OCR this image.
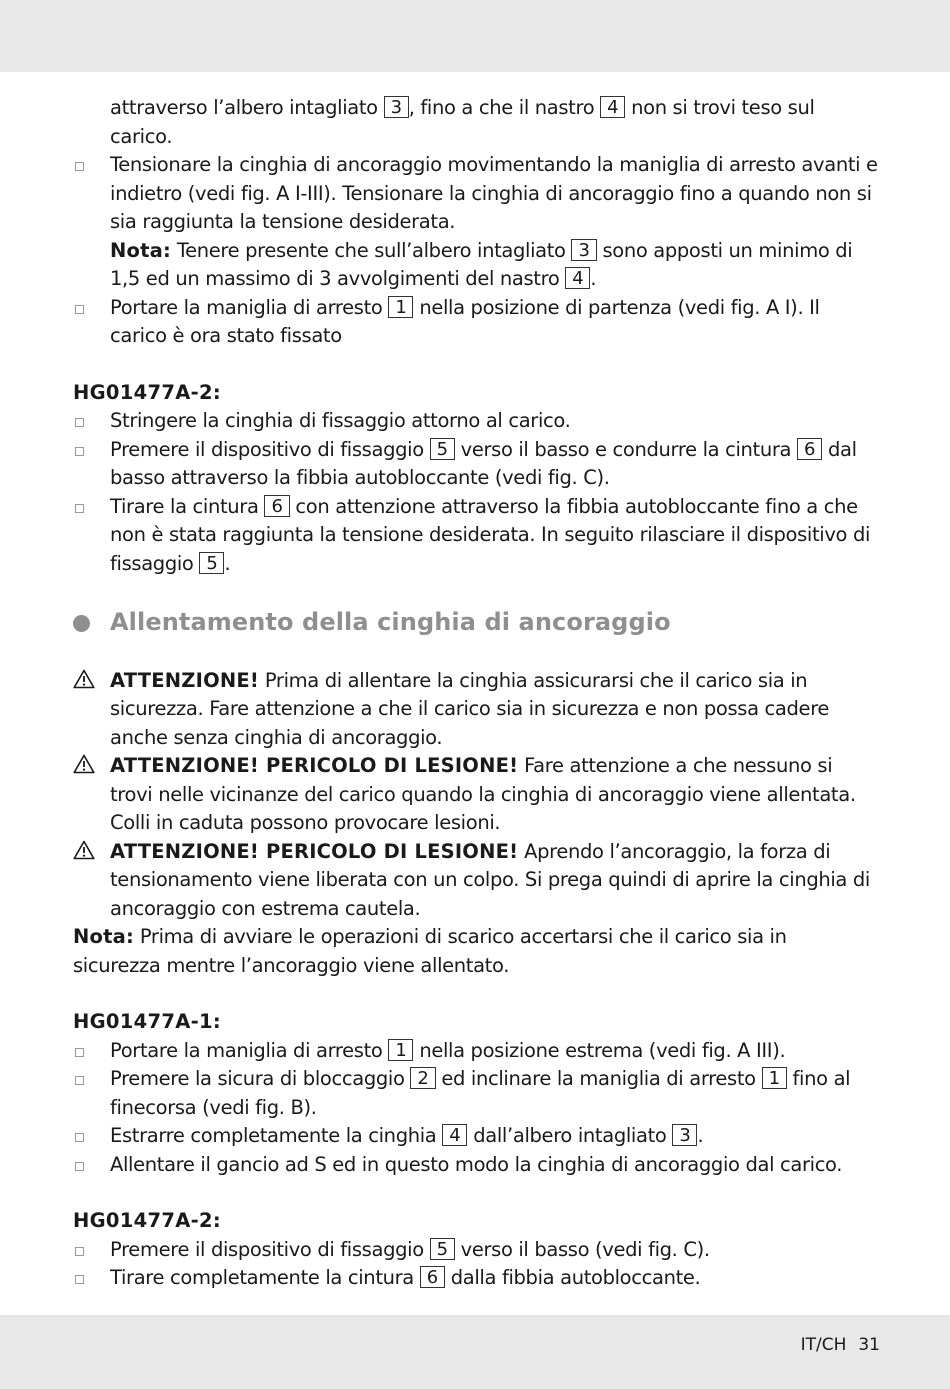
attraverso l’albero intagliato 3 , fino a che il nastro 4 non si trovi teso sul carico.

Tensionare la cinghia di ancoraggio movimentando la maniglia di arresto avanti e indietro (vedi fig. A I-III). Tensionare la cinghia di ancoraggio fino a quando non si sia raggiunta la tensione desiderata.
Nota: Tenere presente che sull’albero intagliato 3 sono apposti un minimo di 1,5 ed un massimo di 3 avvolgimenti del nastro 4 .
Portare la maniglia di arresto 1 nella posizione di partenza (vedi fig. A I). Il carico è ora stato fissato

HG01477A-2:

Stringere la cinghia di fissaggio attorno al carico.
Premere il dispositivo di fissaggio 5 verso il basso e condurre la cintura 6 dal basso attraverso la fibbia autobloccante (vedi fig. C).
Tirare la cintura 6 con attenzione attraverso la fibbia autobloccante fino a che non è stata raggiunta la tensione desiderata. In seguito rilasciare il dispositivo di fissaggio 5 .

Allentamento della cinghia di ancoraggio

ATTENZIONE! Prima di allentare la cinghia assicurarsi che il carico sia in sicurezza. Fare attenzione a che il carico sia in sicurezza e non possa cadere anche senza cinghia di ancoraggio.
ATTENZIONE! PERICOLO DI LESIONE! Fare attenzione a che nessuno si trovi nelle vicinanze del carico quando la cinghia di ancoraggio viene allentata. Colli in caduta possono provocare lesioni.
ATTENZIONE! PERICOLO DI LESIONE! Aprendo l’ancoraggio, la forza di tensionamento viene liberata con un colpo. Si prega quindi di aprire la cinghia di ancoraggio con estrema cautela.

Nota: Prima di avviare le operazioni di scarico accertarsi che il carico sia in sicurezza mentre l’ancoraggio viene allentato.

HG01477A-1:

Portare la maniglia di arresto 1 nella posizione estrema (vedi fig. A III).
Premere la sicura di bloccaggio 2 ed inclinare la maniglia di arresto 1 fino al finecorsa (vedi fig. B).
Estrarre completamente la cinghia 4 dall’albero intagliato 3 .
Allentare il gancio ad S ed in questo modo la cinghia di ancoraggio dal carico.

HG01477A-2:

Premere il dispositivo di fissaggio 5 verso il basso (vedi fig. C).
Tirare completamente la cintura 6 dalla fibbia autobloccante.
IT/CH 31
